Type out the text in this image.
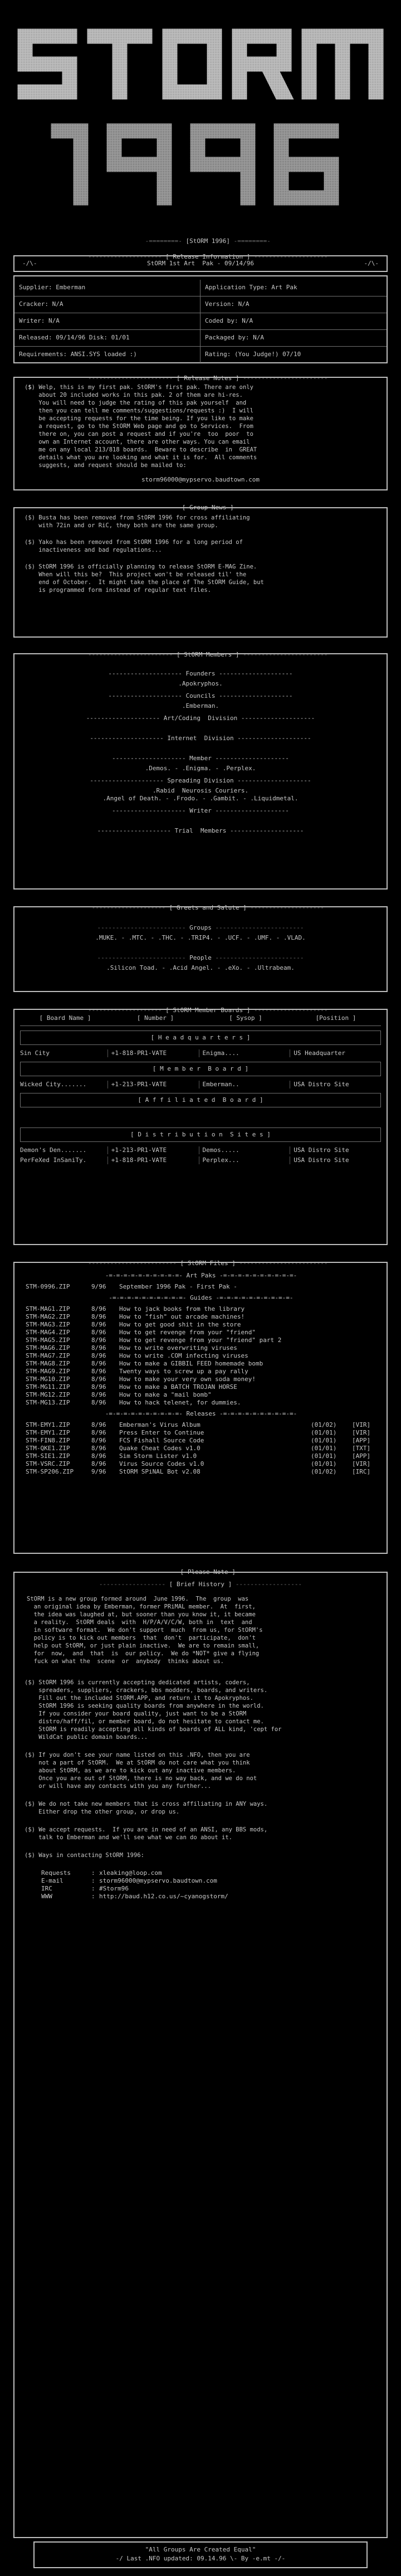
-========- [StORM 1996] -========-

-------------------- [ Release Information ] --------------------

-/\-	StORM 1st Art  Pak - 09/14/96	-/\-
Supplier: Emberman	Application Type: Art Pak
Cracker: N/A	Version: N/A
Writer: N/A	Coded by: N/A
Released: 09/14/96 Disk: 01/01	Packaged by: N/A
Requirements: ANSI.SYS loaded :)	Rating: (You Judge!) 07/10

----------------------- [ Release Notes ] -----------------------

($) Welp, this is my first pak. StORM's first pak. There are only
about 20 included works in this pak. 2 of them are hi-res.
You will need to judge the rating of this pak yourself  and
then you can tell me comments/suggestions/requests :)  I will
be accepting requests for the time being. If you like to make
a request, go to the StORM Web page and go to Services.  From
there on, you can post a request and if you're  too  poor  to
own an Internet account, there are other ways. You can email
me on any local 213/818 boards.  Beware to describe  in  GREAT
details what you are looking and what it is for.  All comments
suggests, and request should be mailed to:
storm96000@mypservo.baudtown.com

------------------------ [ Group News ] ------------------------

($) Busta has been removed from StORM 1996 for cross affiliating
with 72in and or RiC, they both are the same group.
($) Yako has been removed from StORM 1996 for a long period of
inactiveness and bad regulations...
($) StORM 1996 is officially planning to release StORM E-MAG Zine.
When will this be?  This project won't be released til' the
end of October.  It might take the place of The StORM Guide, but
is programmed form instead of regular text files.

----------------------- [ StORM Members ] -----------------------

-------------------- Founders --------------------
.Apokryphos.
-------------------- Councils --------------------
.Emberman.
-------------------- Art/Coding  Division --------------------
-------------------- Internet  Division --------------------
-------------------- Member --------------------
.Demos. - .Enigma. - .Perplex.
-------------------- Spreading Division --------------------
.Rabid  Neurosis Couriers.
.Angel of Death. - .Frodo. - .Gambit. - .Liquidmetal.
-------------------- Writer --------------------
-------------------- Trial  Members --------------------

-------------------- [ Greets and Salute ] --------------------

------------------------ Groups ------------------------
.MUKE. - .MTC. - .THC. - .TRIP4. - .UCF. - .UMF. - .VLAD.
------------------------ People ------------------------
.Silicon Toad. - .Acid Angel. - .eXo. - .Ultrabeam.

-------------------- [ StORM Member Boards ] --------------------

[ Board Name ]	[ Number ]	[ Sysop ]	[Position ]
[ H e a d q u a r t e r s ]
Sin City	+1-818-PR1-VATE	Enigma....	US Headquarter
[ M e m b e r  B o a r d ]
Wicked City.......	+1-213-PR1-VATE	Emberman..	USA Distro Site
[ A f f i l i a t e d  B o a r d ]
[ D i s t r i b u t i o n  S i t e s ]
Demon's Den.......	+1-213-PR1-VATE	Demos.....	USA Distro Site
PerFeXed InSaniTy.	+1-818-PR1-VATE	Perplex...	USA Distro Site

------------------------ [ StORM Files ] ------------------------

-=-=-=-=-=-=-=-=-=-=- Art Paks -=-=-=-=-=-=-=-=-=-=-
STM-0996.ZIP	9/96	September 1996 Pak - First Pak -
-=-=-=-=-=-=-=-=-=-=- Guides -=-=-=-=-=-=-=-=-=-=-
STM-MAG1.ZIP	8/96	How to jack books from the library
STM-MAG2.ZIP	8/96	How to "fish" out arcade machines!
STM-MAG3.ZIP	8/96	How to get good shit in the store
STM-MAG4.ZIP	8/96	How to get revenge from your "friend"
STM-MAG5.ZIP	8/96	How to get revenge from your "friend" part 2
STM-MAG6.ZIP	8/96	How to write overwriting viruses
STM-MAG7.ZIP	8/96	How to write .COM infecting viruses
STM-MAG8.ZIP	8/96	How to make a GIBBIL FEED homemade bomb
STM-MAG9.ZIP	8/96	Twenty ways to screw up a pay rally
STM-MG10.ZIP	8/96	How to make your very own soda money!
STM-MG11.ZIP	8/96	How to make a BATCH TROJAN HORSE
STM-MG12.ZIP	8/96	How to make a "mail bomb"
STM-MG13.ZIP	8/96	How to hack telenet, for dummies.
-=-=-=-=-=-=-=-=-=-=- Releases -=-=-=-=-=-=-=-=-=-=-
STM-EMY1.ZIP	8/96	Emberman's Virus Album	(01/02)	[VIR]
STM-EMY1.ZIP	8/96	Press Enter to Continue	(01/01)	[VIR]
STM-FIN8.ZIP	8/96	FCS Fishall Source Code	(01/01)	[APP]
STM-QKE1.ZIP	8/96	Quake Cheat Codes v1.0	(01/01)	[TXT]
STM-SIE1.ZIP	8/96	Sim Storm Lister v1.0	(01/01)	[APP]
STM-VSRC.ZIP	8/96	Virus Source Codes v1.0	(01/01)	[VIR]
STM-SP206.ZIP	9/96	StORM SPiNAL Bot v2.08	(01/02)	[IRC]

------------------------ [ Please Note ] ------------------------

------------------ [ Brief History ] ------------------
StORM is a new group formed around  June 1996.  The  group  was
an original idea by Emberman, former PRiMAL member.  At  first,
the idea was laughed at, but sooner than you know it, it became
a reality.  StORM deals  with  H/P/A/V/C/W, both in  text  and
in software format.  We don't support  much  from us, for StORM's
policy is to kick out members  that  don't  participate,  don't
help out StORM, or just plain inactive.  We are to remain small,
for  now,  and  that  is  our policy.  We do *NOT* give a flying
fuck on what the  scene  or  anybody  thinks about us.
($) StORM 1996 is currently accepting dedicated artists, coders,
spreaders, suppliers, crackers, bbs modders, boards, and writers.
Fill out the included StORM.APP, and return it to Apokryphos.
StORM 1996 is seeking quality boards from anywhere in the world.
If you consider your board quality, just want to be a StORM
distro/haff/fil, or member board, do not hesitate to contact me.
StORM is readily accepting all kinds of boards of ALL kind, 'cept for
WildCat public domain boards...
($) If you don't see your name listed on this .NFO, then you are
not a part of StORM.  We at StORM do not care what you think
about StORM, as we are to kick out any inactive members.
Once you are out of StORM, there is no way back, and we do not
or will have any contacts with you any further...
($) We do not take new members that is cross affiliating in ANY ways.
Either drop the other group, or drop us.
($) We accept requests.  If you are in need of an ANSI, any BBS mods,
talk to Emberman and we'll see what we can do about it.
($) Ways in contacting StORM 1996:
Requests	: xleaking@loop.com
E-mail	: storm96000@mypservo.baudtown.com
IRC	: #Storm96
WWW	: http://baud.h12.co.us/~cyanogstorm/
"All Groups Are Created Equal"
-/ Last .NFO updated: 09.14.96 \- By -e.mt -/-
